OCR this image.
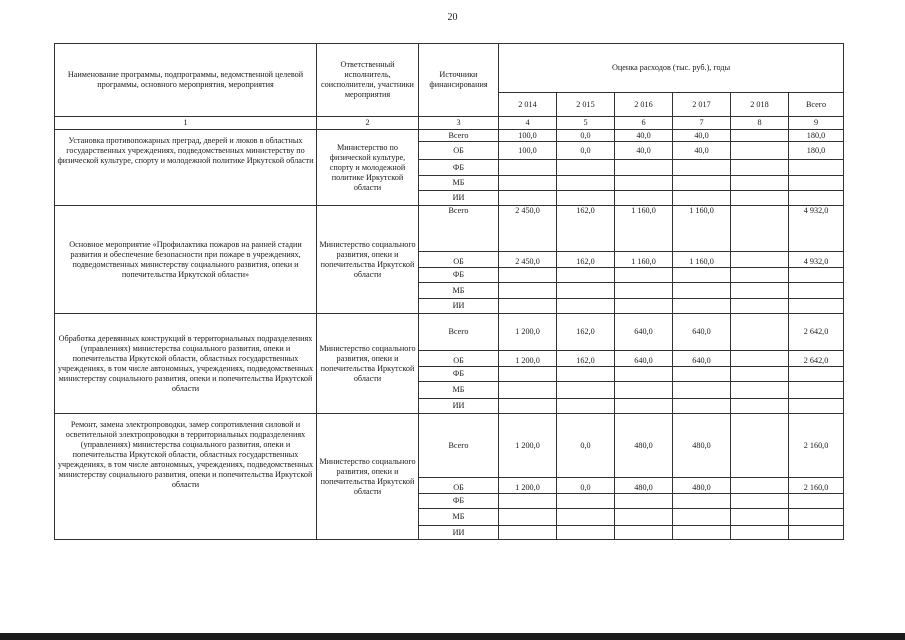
20
Наименование программы, подпрограммы, ведомственной целевой программы, основного мероприятия, мероприятия	Ответственный исполнитель, соисполнители, участники мероприятия	Источники финансирования	Оценка расходов (тыс. руб.), годы					
			2 014	2 015	2 016	2 017	2 018	Всего
1	2	3	4	5	6	7	8	9
Установка противопожарных преград, дверей и люков в областных государственных учреждениях, подведомственных министерству по физической культуре, спорту и молодежной политике Иркутской области	Министерство по физической культуре, спорту и молодежной политике Иркутской области	Всего	100,0	0,0	40,0	40,0		180,0
		ОБ	100,0	0,0	40,0	40,0		180,0
		ФБ						
		МБ						
		ИИ						
Основное мероприятие «Профилактика пожаров на ранней стадии развития и обеспечение безопасности при пожаре в учреждениях, подведомственных министерству социального развития, опеки и попечительства Иркутской области»	Министерство социального развития, опеки и попечительства Иркутской области	Всего	2 450,0	162,0	1 160,0	1 160,0		4 932,0
		ОБ	2 450,0	162,0	1 160,0	1 160,0		4 932,0
		ФБ						
		МБ						
		ИИ						
Обработка деревянных конструкций в территориальных подразделениях (управлениях) министерства социального развития, опеки и попечительства Иркутской области, областных государственных учреждениях, в том числе автономных, учреждениях, подведомственных министерству социального развития, опеки и попечительства Иркутской области	Министерство социального развития, опеки и попечительства Иркутской области	Всего	1 200,0	162,0	640,0	640,0		2 642,0
		ОБ	1 200,0	162,0	640,0	640,0		2 642,0
		ФБ						
		МБ						
		ИИ						
Ремонт, замена электропроводки, замер сопротивления силовой и осветительной электропроводки в территориальных подразделениях (управлениях) министерства социального развития, опеки и попечительства Иркутской области, областных государственных учреждениях, в том числе автономных, учреждениях, подведомственных министерству социального развития, опеки и попечительства Иркутской области	Министерство социального развития, опеки и попечительства Иркутской области	Всего	1 200,0	0,0	480,0	480,0		2 160,0
		ОБ	1 200,0	0,0	480,0	480,0		2 160,0
		ФБ						
		МБ						
		ИИ						
